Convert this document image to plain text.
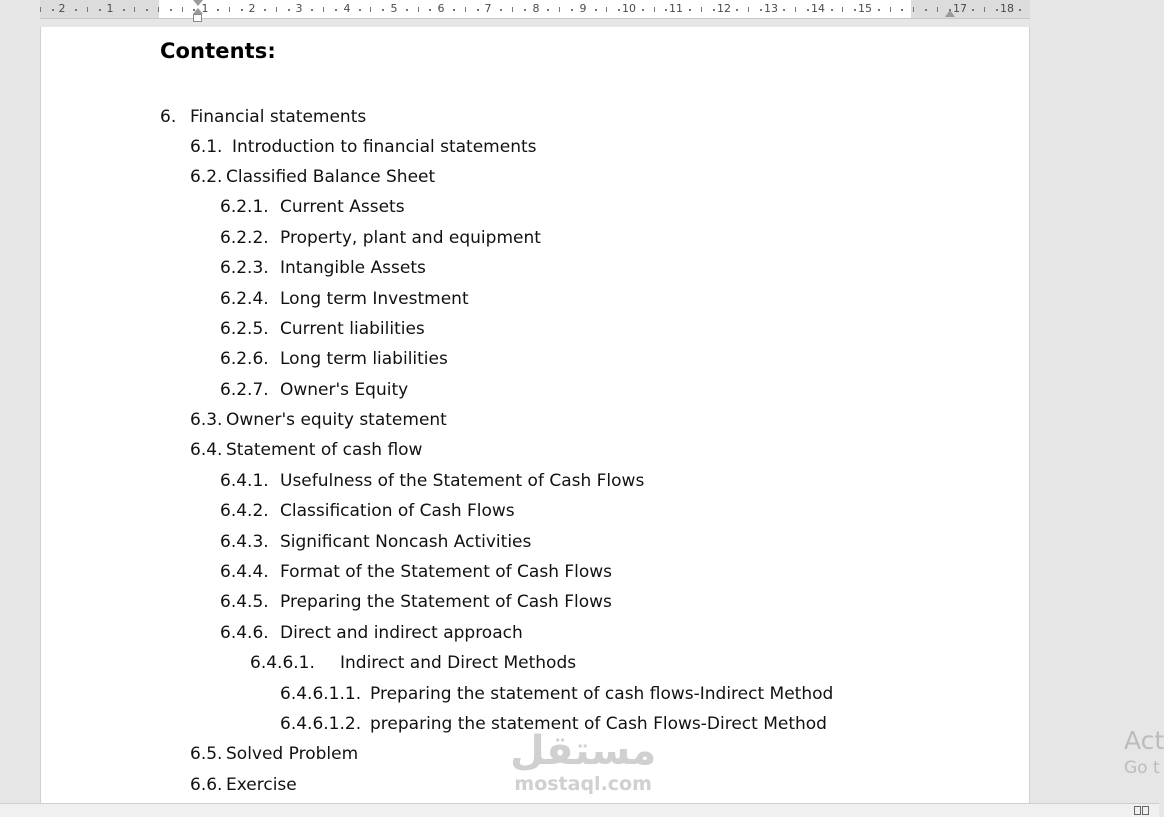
2	1	1	2	3	4	5	6	7	8	9	10	11	12	13	14	15	17	18
Contents:
6. Financial statements
6.1. Introduction to financial statements
6.2. Classified Balance Sheet
6.2.1. Current Assets
6.2.2. Property, plant and equipment
6.2.3. Intangible Assets
6.2.4. Long term Investment
6.2.5. Current liabilities
6.2.6. Long term liabilities
6.2.7. Owner's Equity
6.3. Owner's equity statement
6.4. Statement of cash flow
6.4.1. Usefulness of the Statement of Cash Flows
6.4.2. Classification of Cash Flows
6.4.3. Significant Noncash Activities
6.4.4. Format of the Statement of Cash Flows
6.4.5. Preparing the Statement of Cash Flows
6.4.6. Direct and indirect approach
6.4.6.1. Indirect and Direct Methods
6.4.6.1.1. Preparing the statement of cash flows-Indirect Method
6.4.6.1.2. preparing the statement of Cash Flows-Direct Method
6.5. Solved Problem
6.6. Exercise
مستقل
mostaql.com
Act
Go t
